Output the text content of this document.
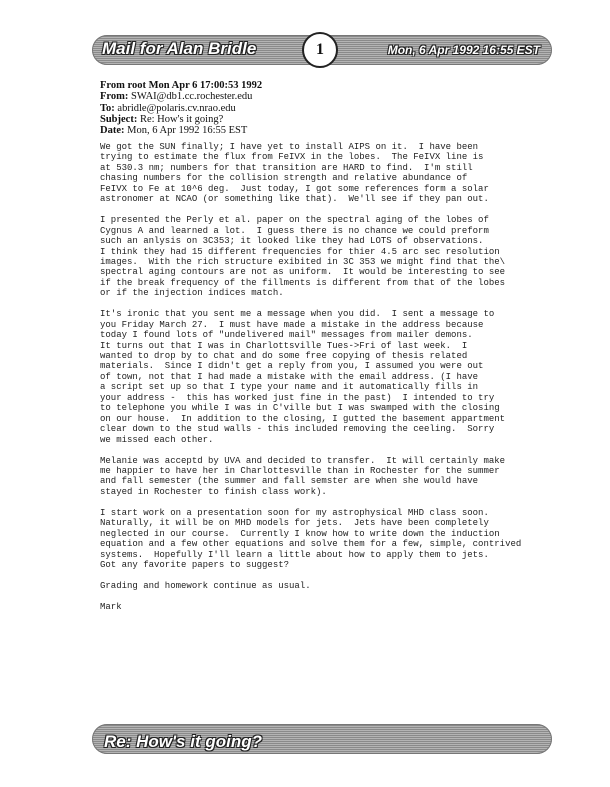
Mail for Alan Bridle	Mon, 6 Apr 1992 16:55 EST
1
From root Mon Apr 6 17:00:53 1992
From: SWAI@db1.cc.rochester.edu
To: abridle@polaris.cv.nrao.edu
Subject: Re: How's it going?
Date: Mon, 6 Apr 1992 16:55 EST
We got the SUN finally; I have yet to install AIPS on it.  I have been
trying to estimate the flux from FeIVX in the lobes.  The FeIVX line is
at 530.3 nm; numbers for that transition are HARD to find.  I'm still
chasing numbers for the collision strength and relative abundance of
FeIVX to Fe at 10^6 deg.  Just today, I got some references form a solar
astronomer at NCAO (or something like that).  We'll see if they pan out.
I presented the Perly et al. paper on the spectral aging of the lobes of
Cygnus A and learned a lot.  I guess there is no chance we could preform
such an anlysis on 3C353; it looked like they had LOTS of observations.
I think they had 15 different frequencies for thier 4.5 arc sec resolution
images.  With the rich structure exibited in 3C 353 we might find that the\
spectral aging contours are not as uniform.  It would be interesting to see
if the break frequency of the fillments is different from that of the lobes
or if the injection indices match.
It's ironic that you sent me a message when you did.  I sent a message to
you Friday March 27.  I must have made a mistake in the address because
today I found lots of "undelivered mail" messages from mailer demons.
It turns out that I was in Charlottsville Tues->Fri of last week.  I
wanted to drop by to chat and do some free copying of thesis related
materials.  Since I didn't get a reply from you, I assumed you were out
of town, not that I had made a mistake with the email address. (I have
a script set up so that I type your name and it automatically fills in
your address -  this has worked just fine in the past)  I intended to try
to telephone you while I was in C'ville but I was swamped with the closing
on our house.  In addition to the closing, I gutted the basement appartment
clear down to the stud walls - this included removing the ceeling.  Sorry
we missed each other.
Melanie was acceptd by UVA and decided to transfer.  It will certainly make
me happier to have her in Charlottesville than in Rochester for the summer
and fall semester (the summer and fall semster are when she would have
stayed in Rochester to finish class work).
I start work on a presentation soon for my astrophysical MHD class soon.
Naturally, it will be on MHD models for jets.  Jets have been completely
neglected in our course.  Currently I know how to write down the induction
equation and a few other equations and solve them for a few, simple, contrived
systems.  Hopefully I'll learn a little about how to apply them to jets.
Got any favorite papers to suggest?
Grading and homework continue as usual.
Mark
Re: How's it going?
